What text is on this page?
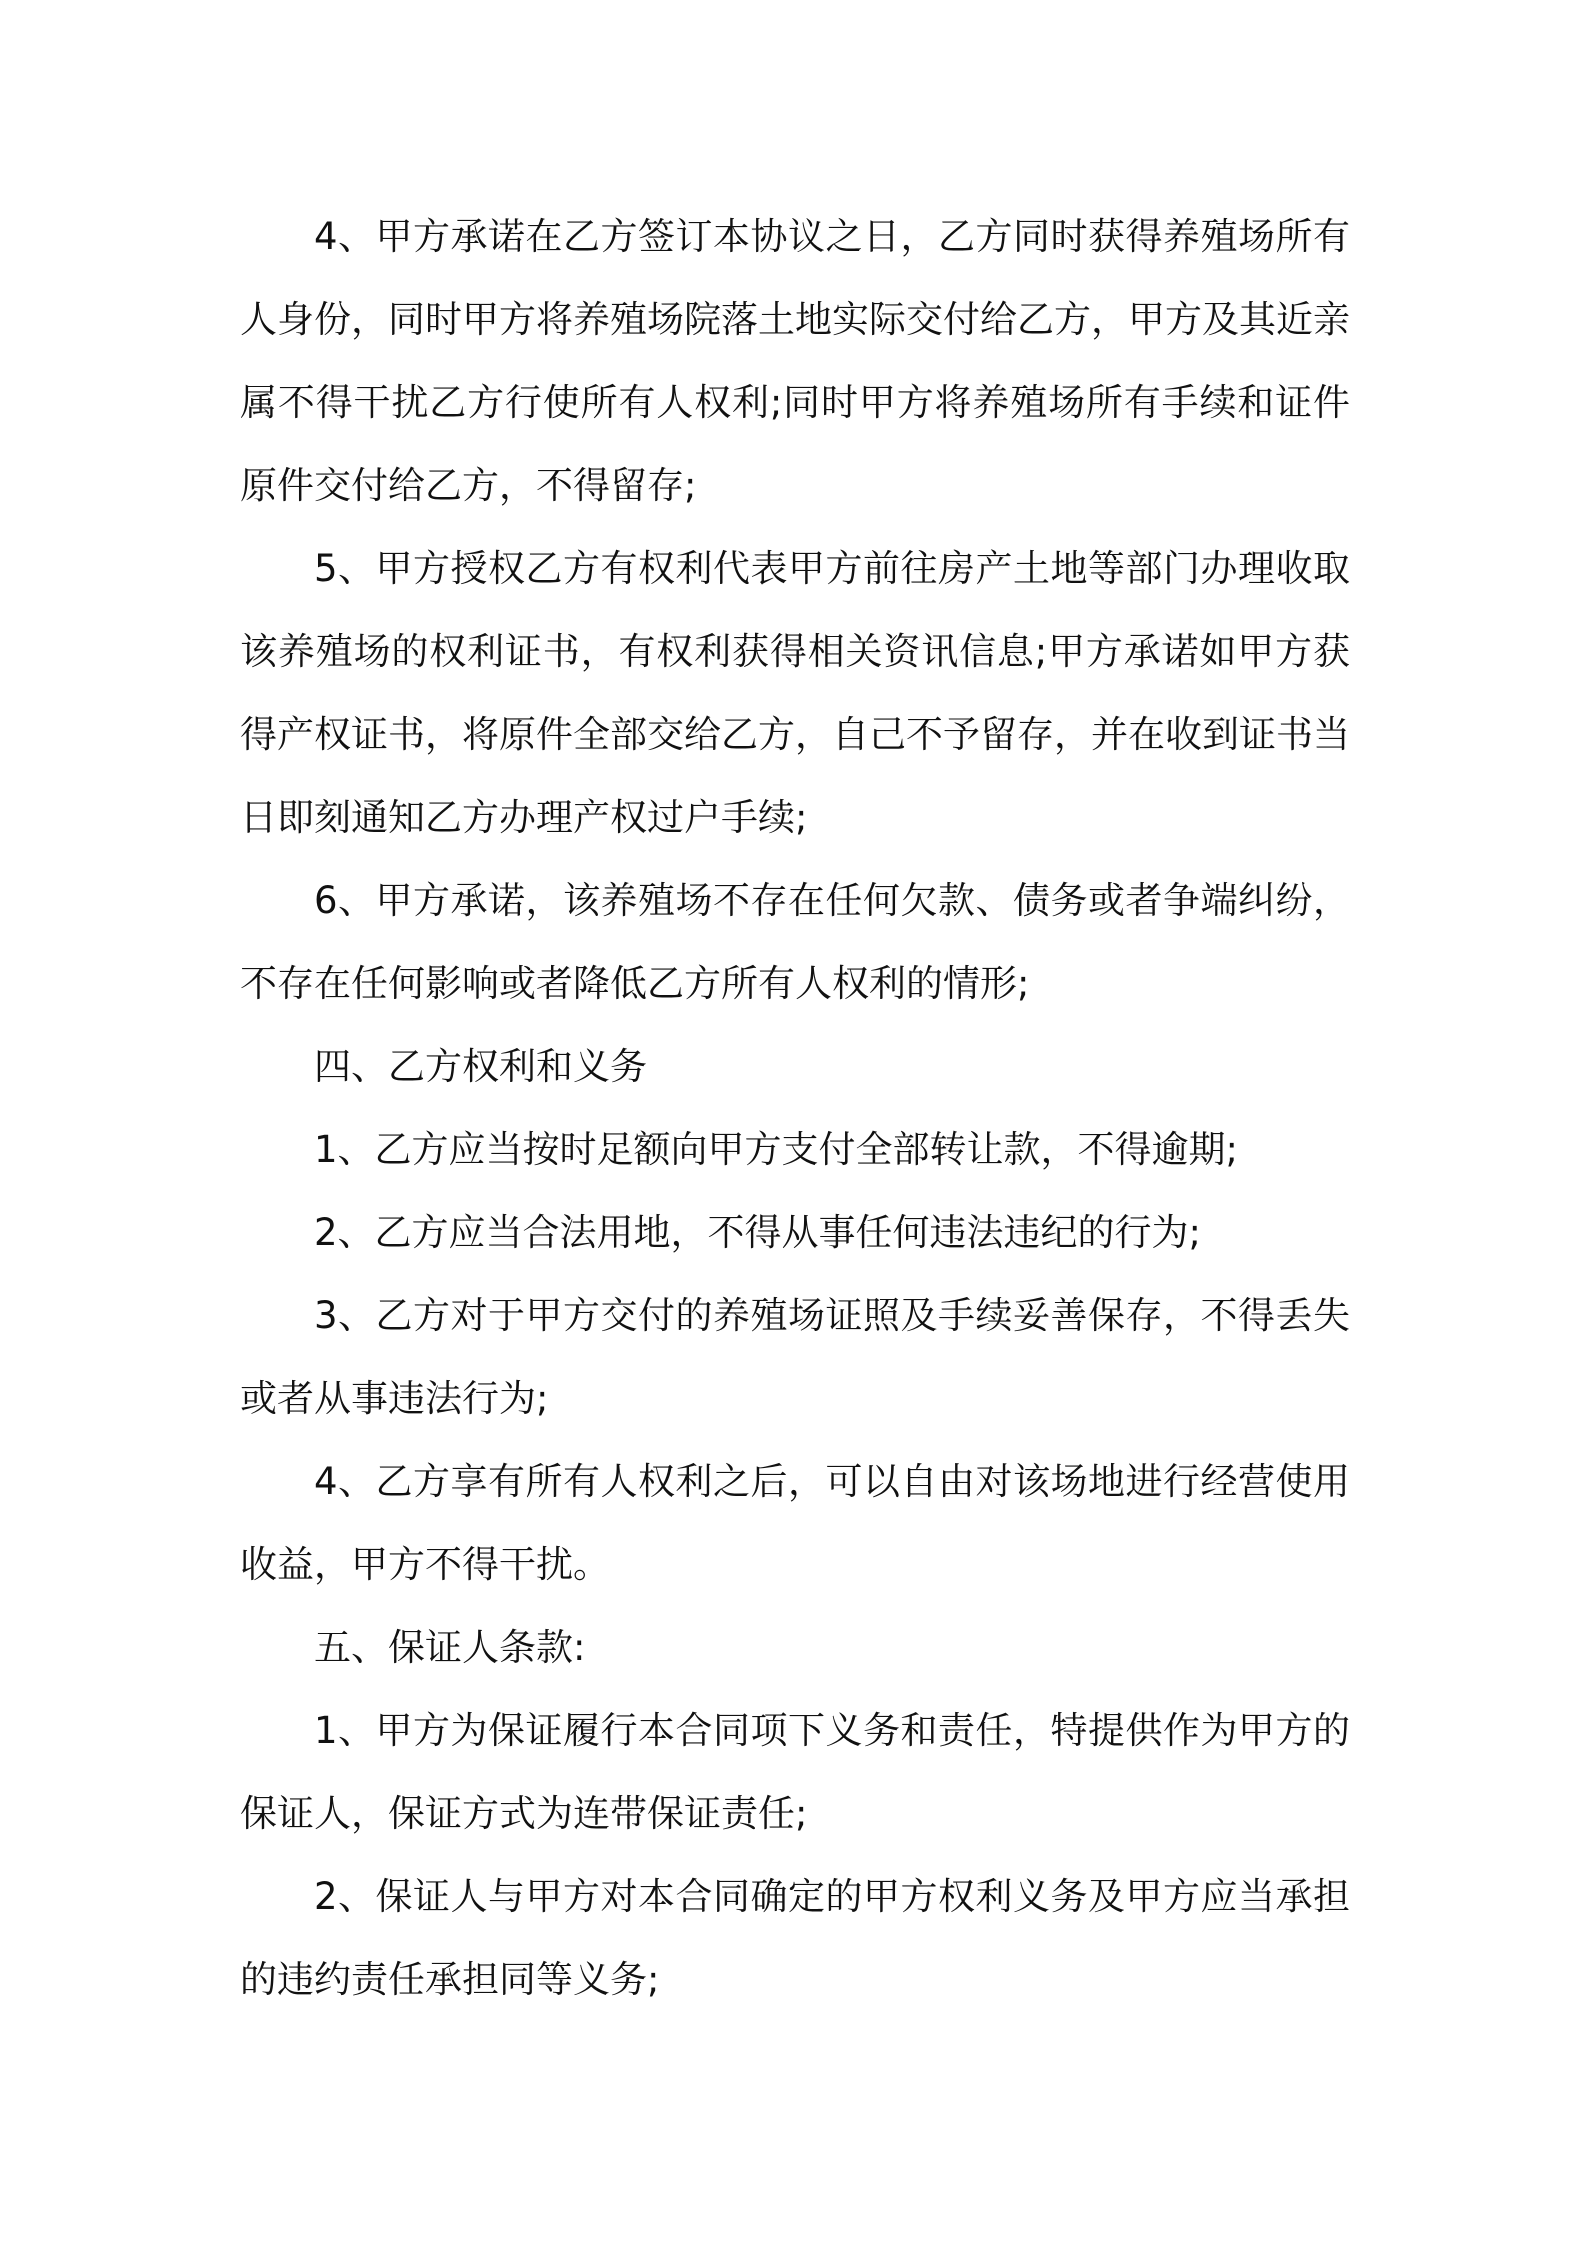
4、甲方承诺在乙方签订本协议之日，乙方同时获得养殖场所有人身份，同时甲方将养殖场院落土地实际交付给乙方，甲方及其近亲属不得干扰乙方行使所有人权利;同时甲方将养殖场所有手续和证件原件交付给乙方，不得留存;

5、甲方授权乙方有权利代表甲方前往房产土地等部门办理收取该养殖场的权利证书，有权利获得相关资讯信息;甲方承诺如甲方获得产权证书，将原件全部交给乙方，自己不予留存，并在收到证书当日即刻通知乙方办理产权过户手续;

6、甲方承诺，该养殖场不存在任何欠款、债务或者争端纠纷，不存在任何影响或者降低乙方所有人权利的情形;

四、乙方权利和义务

1、乙方应当按时足额向甲方支付全部转让款，不得逾期;

2、乙方应当合法用地，不得从事任何违法违纪的行为;

3、乙方对于甲方交付的养殖场证照及手续妥善保存，不得丢失或者从事违法行为;

4、乙方享有所有人权利之后，可以自由对该场地进行经营使用收益，甲方不得干扰。

五、保证人条款:

1、甲方为保证履行本合同项下义务和责任，特提供作为甲方的保证人，保证方式为连带保证责任;

2、保证人与甲方对本合同确定的甲方权利义务及甲方应当承担的违约责任承担同等义务;
